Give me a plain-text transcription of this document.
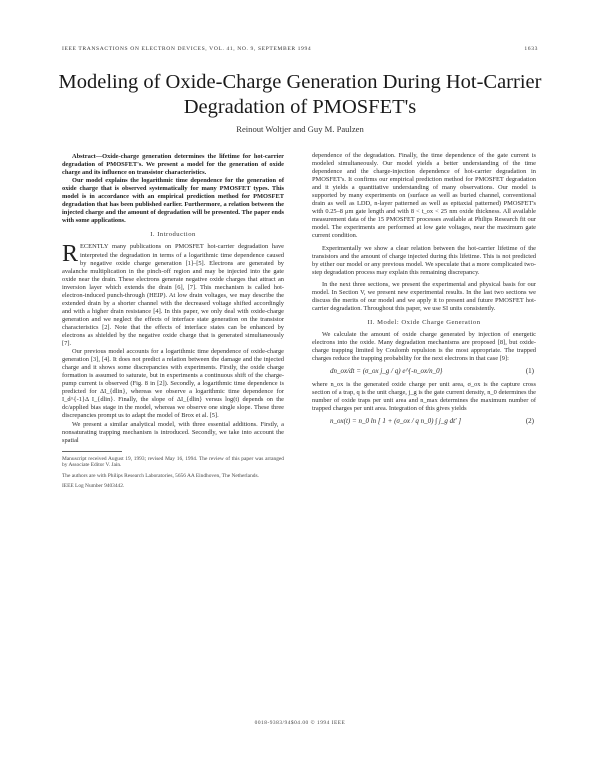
IEEE TRANSACTIONS ON ELECTRON DEVICES, VOL. 41, NO. 9, SEPTEMBER 1994	1633
Modeling of Oxide-Charge Generation During Hot-Carrier Degradation of PMOSFET's
Reinout Woltjer and Guy M. Paulzen

Abstract—Oxide-charge generation determines the lifetime for hot-carrier degradation of PMOSFET's. We present a model for the generation of oxide charge and its influence on transistor characteristics.

Our model explains the logarithmic time dependence for the generation of oxide charge that is observed systematically for many PMOSFET types. This model is in accordance with an empirical prediction method for PMOSFET degradation that has been published earlier. Furthermore, a relation between the injected charge and the amount of degradation will be presented. The paper ends with some applications.

I. Introduction

RECENTLY many publications on PMOSFET hot-carrier degradation have interpreted the degradation in terms of a logarithmic time dependence caused by negative oxide charge generation [1]–[5]. Electrons are generated by avalanche multiplication in the pinch-off region and may be injected into the gate oxide near the drain. These electrons generate negative oxide charges that attract an inversion layer which extends the drain [6], [7]. This mechanism is called hot-electron-induced punch-through (HEIP). At low drain voltages, we may describe the extended drain by a shorter channel with the decreased voltage shifted accordingly and with a higher drain resistance [4]. In this paper, we only deal with oxide-charge generation and we neglect the effects of interface state generation on the transistor characteristics [2]. Note that the effects of interface states can be enhanced by electrons as shielded by the negative oxide charge that is generated simultaneously [7].

Our previous model accounts for a logarithmic time dependence of oxide-charge generation [3], [4]. It does not predict a relation between the damage and the injected charge and it shows some discrepancies with experiments. Firstly, the oxide charge formation is assumed to saturate, but in experiments a continuous shift of the charge-pump current is observed (Fig. 8 in [2]). Secondly, a logarithmic time dependence is predicted for ΔI_{dlin}, whereas we observe a logarithmic time dependence for I_d^{-1}Δ I_{dlin}. Finally, the slope of ΔI_{dlin} versus log(t) depends on the dc/applied bias stage in the model, whereas we observe one single slope. These three discrepancies prompt us to adapt the model of Brox et al. [5].

We present a similar analytical model, with three essential additions. Firstly, a nonsaturating trapping mechanism is introduced. Secondly, we take into account the spatial

Manuscript received August 19, 1993; revised May 16, 1994. The review of this paper was arranged by Associate Editor V. Jain.
The authors are with Philips Research Laboratories, 5656 AA Eindhoven, The Netherlands.
IEEE Log Number 9403442.

dependence of the degradation. Finally, the time dependence of the gate current is modeled simultaneously. Our model yields a better understanding of the time dependence and the charge-injection dependence of hot-carrier degradation in PMOSFET's. It confirms our empirical prediction method for PMOSFET degradation and it yields a quantitative understanding of many observations. Our model is supported by many experiments on (surface as well as buried channel, conventional drain as well as LDD, n-layer patterned as well as epitaxial patterned) PMOSFET's with 0.25–8 μm gate length and with 8 < t_ox < 25 nm oxide thickness. All available measurement data of the 15 PMOSFET processes available at Philips Research fit our model. The experiments are performed at low gate voltages, near the maximum gate current condition.

Experimentally we show a clear relation between the hot-carrier lifetime of the transistors and the amount of charge injected during this lifetime. This is not predicted by either our model or any previous model. We speculate that a more complicated two-step degradation process may explain this remaining discrepancy.

In the next three sections, we present the experimental and physical basis for our model. In Section V, we present new experimental results. In the last two sections we discuss the merits of our model and we apply it to present and future PMOSFET hot-carrier degradation. Throughout this paper, we use SI units consistently.

II. Model: Oxide Charge Generation

We calculate the amount of oxide charge generated by injection of energetic electrons into the oxide. Many degradation mechanisms are proposed [8], but oxide-charge trapping limited by Coulomb repulsion is the most appropriate. The trapped charges reduce the trapping probability for the next electrons in that case [9]:

dn_ox/dt = (σ_ox j_g / q) e^{-n_ox/n_0}	(1)

where n_ox is the generated oxide charge per unit area, σ_ox is the capture cross section of a trap, q is the unit charge, j_g is the gate current density, n_0 determines the number of oxide traps per unit area and n_max determines the maximum number of trapped charges per unit area. Integration of this gives yields

n_ox(t) = n_0 ln [ 1 + (σ_ox / q n_0) ∫ j_g dt′ ]	(2)
0018-9383/94$04.00 © 1994 IEEE
